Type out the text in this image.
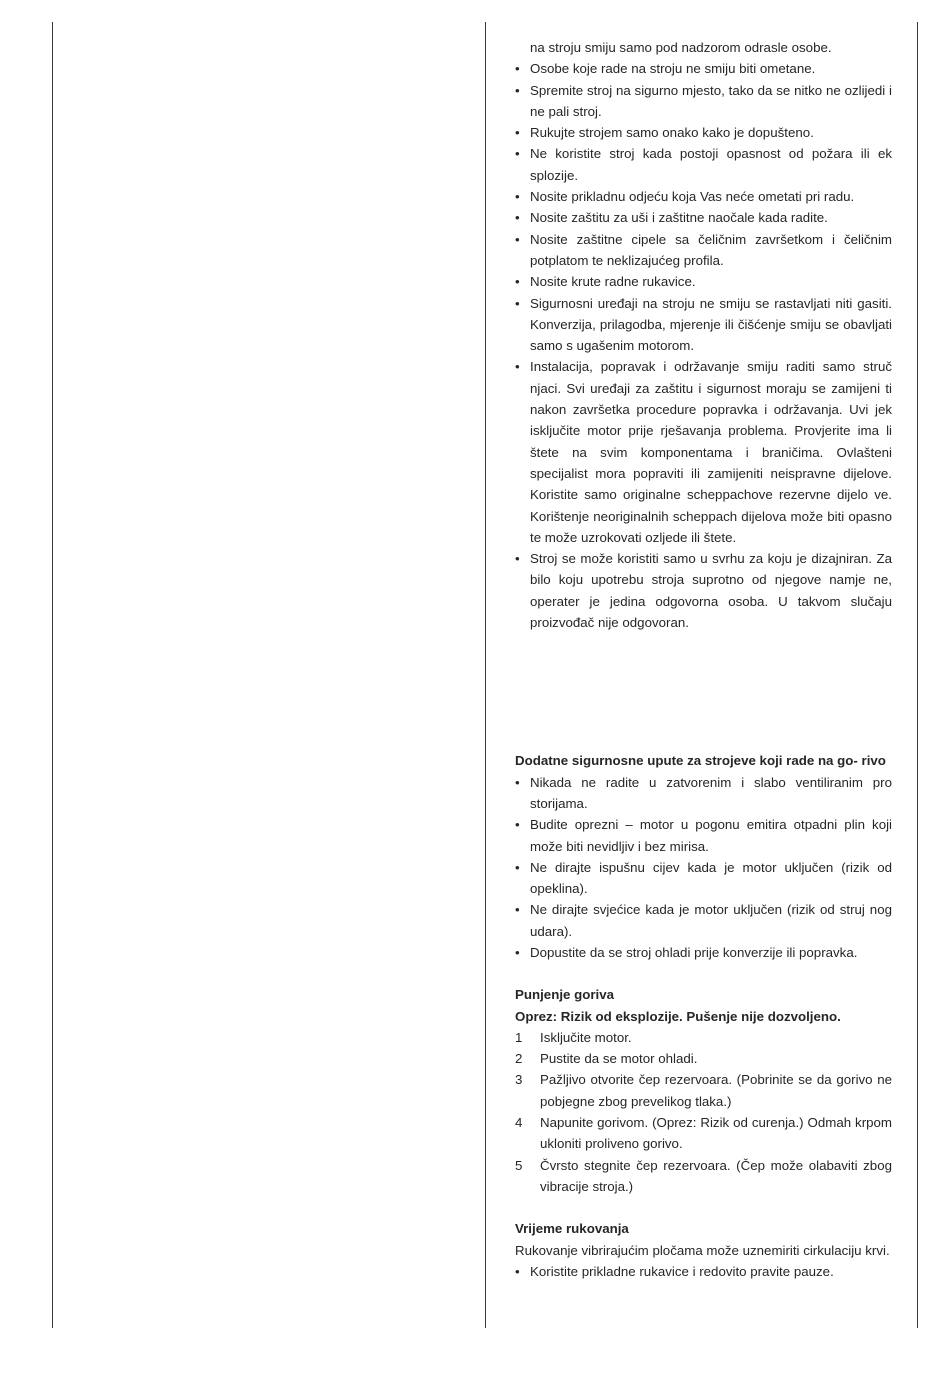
na stroju smiju samo pod nadzorom odrasle osobe.
• Osobe koje rade na stroju ne smiju biti ometane.
• Spremite stroj na sigurno mjesto, tako da se nitko ne ozlijedi i ne pali stroj.
• Rukujte strojem samo onako kako je dopušteno.
• Ne koristite stroj kada postoji opasnost od požara ili ek splozije.
• Nosite prikladnu odjeću koja Vas neće ometati pri radu.
• Nosite zaštitu za uši i zaštitne naočale kada radite.
• Nosite zaštitne cipele sa čeličnim završetkom i čeličnim potplatom te neklizajućeg profila.
• Nosite krute radne rukavice.
• Sigurnosni uređaji na stroju ne smiju se rastavljati niti gasiti. Konverzija, prilagodba, mjerenje ili čišćenje smiju se obavljati samo s ugašenim motorom.
• Instalacija, popravak i održavanje smiju raditi samo struč njaci. Svi uređaji za zaštitu i sigurnost moraju se zamijeni ti nakon završetka procedure popravka i održavanja. Uvi jek isključite motor prije rješavanja problema. Provjerite ima li štete na svim komponentama i braničima. Ovlašteni specijalist mora popraviti ili zamijeniti neispravne dijelove. Koristite samo originalne scheppachove rezervne dijelo ve. Korištenje neoriginalnih scheppach dijelova može biti opasno te može uzrokovati ozljede ili štete.
• Stroj se može koristiti samo u svrhu za koju je dizajniran. Za bilo koju upotrebu stroja suprotno od njegove namje ne, operater je jedina odgovorna osoba. U takvom slučaju proizvođač nije odgovoran.
Dodatne sigurnosne upute za strojeve koji rade na go- rivo
• Nikada ne radite u zatvorenim i slabo ventiliranim pro storijama.
• Budite oprezni – motor u pogonu emitira otpadni plin koji može biti nevidljiv i bez mirisa.
• Ne dirajte ispušnu cijev kada je motor uključen (rizik od opeklina).
• Ne dirajte svjećice kada je motor uključen (rizik od struj nog udara).
• Dopustite da se stroj ohladi prije konverzije ili popravka.
Punjenje goriva
Oprez: Rizik od eksplozije. Pušenje nije dozvoljeno.
1 Isključite motor.
2 Pustite da se motor ohladi.
3 Pažljivo otvorite čep rezervoara. (Pobrinite se da gorivo ne pobjegne zbog prevelikog tlaka.)
4 Napunite gorivom. (Oprez: Rizik od curenja.) Odmah krpom ukloniti proliveno gorivo.
5 Čvrsto stegnite čep rezervoara. (Čep može olabaviti zbog vibracije stroja.)
Vrijeme rukovanja
Rukovanje vibrirajućim pločama može uznemiriti cirkulaciju krvi.
• Koristite prikladne rukavice i redovito pravite pauze.
